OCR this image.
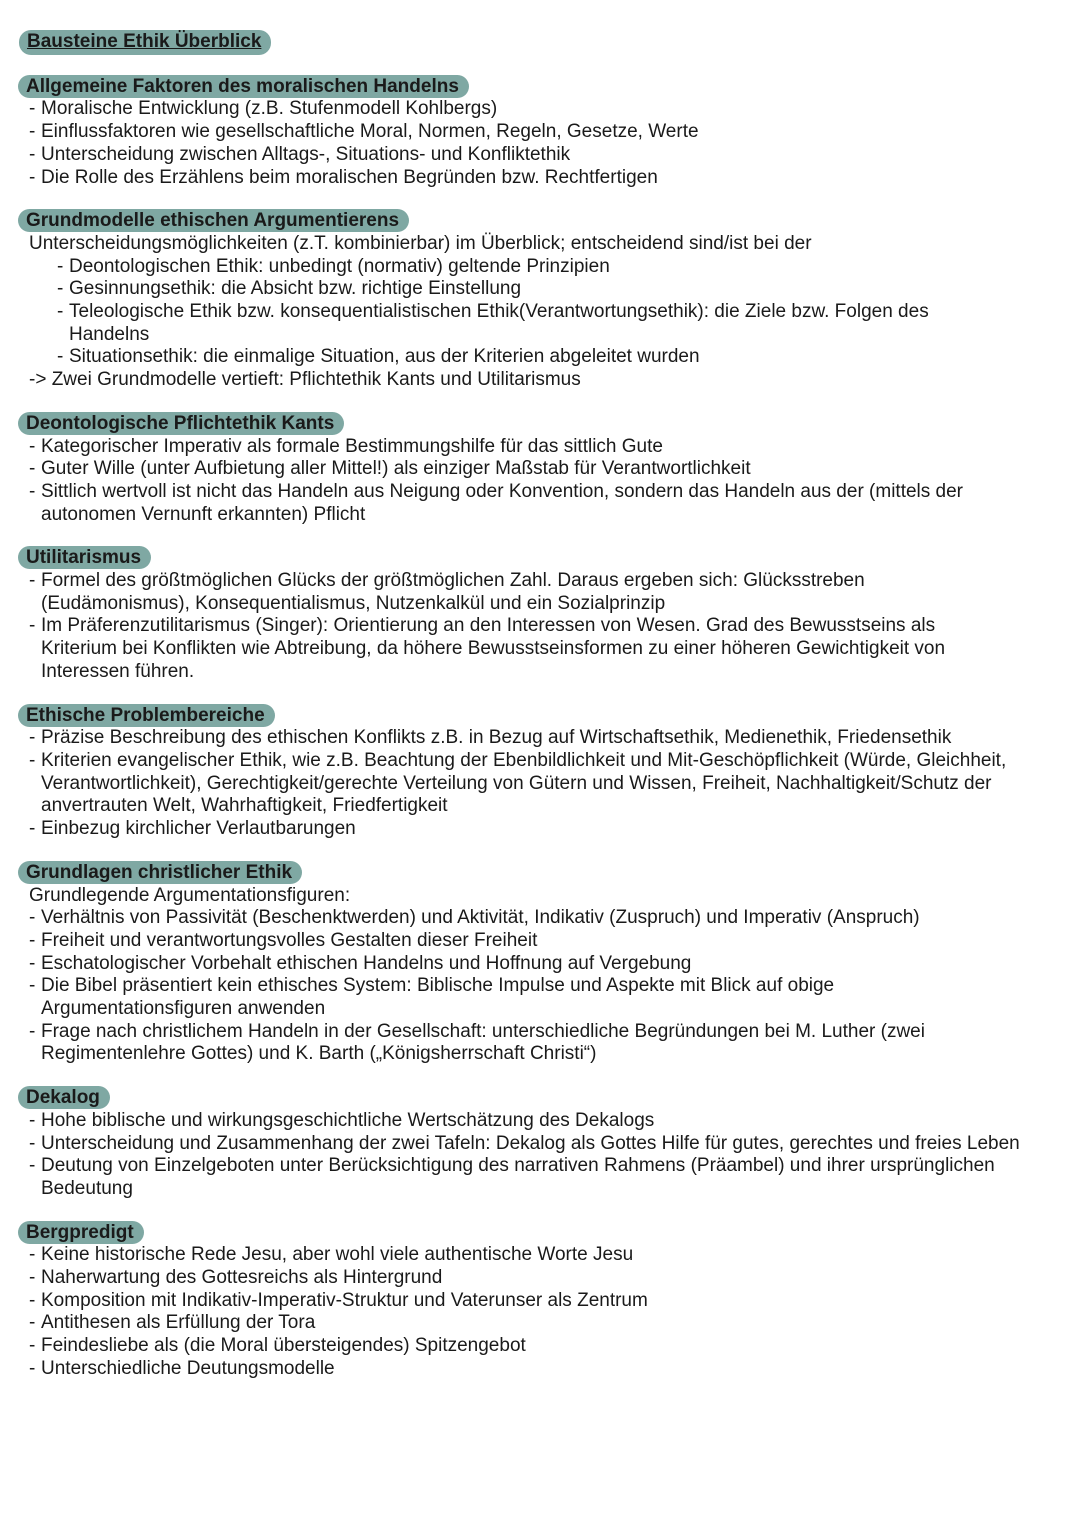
Bausteine Ethik Überblick
Allgemeine Faktoren des moralischen Handelns
- Moralische Entwicklung (z.B. Stufenmodell Kohlbergs)
- Einflussfaktoren wie gesellschaftliche Moral, Normen, Regeln, Gesetze, Werte
- Unterscheidung zwischen Alltags-, Situations- und Konfliktethik
- Die Rolle des Erzählens beim moralischen Begründen bzw. Rechtfertigen
Grundmodelle ethischen Argumentierens
Unterscheidungsmöglichkeiten (z.T. kombinierbar) im Überblick; entscheidend sind/ist bei der
- Deontologischen Ethik: unbedingt (normativ) geltende Prinzipien
- Gesinnungsethik: die Absicht bzw. richtige Einstellung
- Teleologische Ethik bzw. konsequentialistischen Ethik(Verantwortungsethik): die Ziele bzw. Folgen des Handelns
- Situationsethik: die einmalige Situation, aus der Kriterien abgeleitet wurden
-> Zwei Grundmodelle vertieft: Pflichtethik Kants und Utilitarismus
Deontologische Pflichtethik Kants
- Kategorischer Imperativ als formale Bestimmungshilfe für das sittlich Gute
- Guter Wille (unter Aufbietung aller Mittel!) als einziger Maßstab für Verantwortlichkeit
- Sittlich wertvoll ist nicht das Handeln aus Neigung oder Konvention, sondern das Handeln aus der (mittels der autonomen Vernunft erkannten) Pflicht
Utilitarismus
- Formel des größtmöglichen Glücks der größtmöglichen Zahl. Daraus ergeben sich: Glücksstreben (Eudämonismus), Konsequentialismus, Nutzenkalkül und ein Sozialprinzip
- Im Präferenzutilitarismus (Singer): Orientierung an den Interessen von Wesen. Grad des Bewusstseins als Kriterium bei Konflikten wie Abtreibung, da höhere Bewusstseinsformen zu einer höheren Gewichtigkeit von Interessen führen.
Ethische Problembereiche
- Präzise Beschreibung des ethischen Konflikts z.B. in Bezug auf Wirtschaftsethik, Medienethik, Friedensethik
- Kriterien evangelischer Ethik, wie z.B. Beachtung der Ebenbildlichkeit und Mit-Geschöpflichkeit (Würde, Gleichheit, Verantwortlichkeit), Gerechtigkeit/gerechte Verteilung von Gütern und Wissen, Freiheit, Nachhaltigkeit/Schutz der anvertrauten Welt, Wahrhaftigkeit, Friedfertigkeit
- Einbezug kirchlicher Verlautbarungen
Grundlagen christlicher Ethik
Grundlegende Argumentationsfiguren:
- Verhältnis von Passivität (Beschenktwerden) und Aktivität, Indikativ (Zuspruch) und Imperativ (Anspruch)
- Freiheit und verantwortungsvolles Gestalten dieser Freiheit
- Eschatologischer Vorbehalt ethischen Handelns und Hoffnung auf Vergebung
- Die Bibel präsentiert kein ethisches System: Biblische Impulse und Aspekte mit Blick auf obige Argumentationsfiguren anwenden
- Frage nach christlichem Handeln in der Gesellschaft: unterschiedliche Begründungen bei M. Luther (zwei Regimentenlehre Gottes) und K. Barth („Königsherrschaft Christi“)
Dekalog
- Hohe biblische und wirkungsgeschichtliche Wertschätzung des Dekalogs
- Unterscheidung und Zusammenhang der zwei Tafeln: Dekalog als Gottes Hilfe für gutes, gerechtes und freies Leben
- Deutung von Einzelgeboten unter Berücksichtigung des narrativen Rahmens (Präambel) und ihrer ursprünglichen Bedeutung
Bergpredigt
- Keine historische Rede Jesu, aber wohl viele authentische Worte Jesu
- Naherwartung des Gottesreichs als Hintergrund
- Komposition mit Indikativ-Imperativ-Struktur und Vaterunser als Zentrum
- Antithesen als Erfüllung der Tora
- Feindesliebe als (die Moral übersteigendes) Spitzengebot
- Unterschiedliche Deutungsmodelle
